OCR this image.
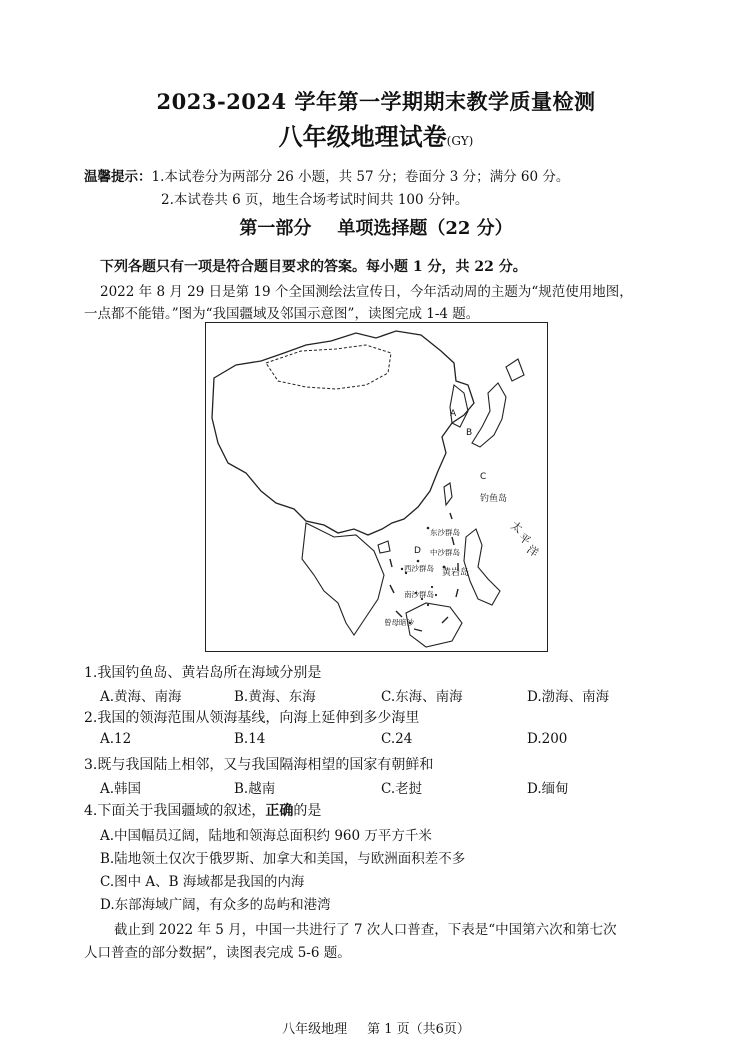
2023-2024 学年第一学期期末教学质量检测
八年级地理试卷(GY)
温馨提示：1.本试卷分为两部分 26 小题，共 57 分；卷面分 3 分；满分 60 分。
2.本试卷共 6 页，地生合场考试时间共 100 分钟。
第一部分 单项选择题（22 分）
下列各题只有一项是符合题目要求的答案。每小题 1 分，共 22 分。
2022 年 8 月 29 日是第 19 个全国测绘法宣传日，今年活动周的主题为“规范使用地图，
一点都不能错。”图为“我国疆域及邻国示意图”，读图完成 1-4 题。
A
B
C
D
钓鱼岛
东沙群岛
中沙群岛
西沙群岛 黄岩岛
南沙群岛
曾母暗沙
太
平
洋
1.我国钓鱼岛、黄岩岛所在海域分别是
A.黄海、南海	B.黄海、东海	C.东海、南海	D.渤海、南海
2.我国的领海范围从领海基线，向海上延伸到多少海里
A.12	B.14	C.24	D.200
3.既与我国陆上相邻，又与我国隔海相望的国家有朝鲜和
A.韩国	B.越南	C.老挝	D.缅甸
4.下面关于我国疆域的叙述，正确的是
A.中国幅员辽阔，陆地和领海总面积约 960 万平方千米
B.陆地领土仅次于俄罗斯、加拿大和美国，与欧洲面积差不多
C.图中 A、B 海域都是我国的内海
D.东部海域广阔，有众多的岛屿和港湾
截止到 2022 年 5 月，中国一共进行了 7 次人口普查，下表是“中国第六次和第七次
人口普查的部分数据”，读图表完成 5-6 题。
八年级地理 第 1 页（共6页）
